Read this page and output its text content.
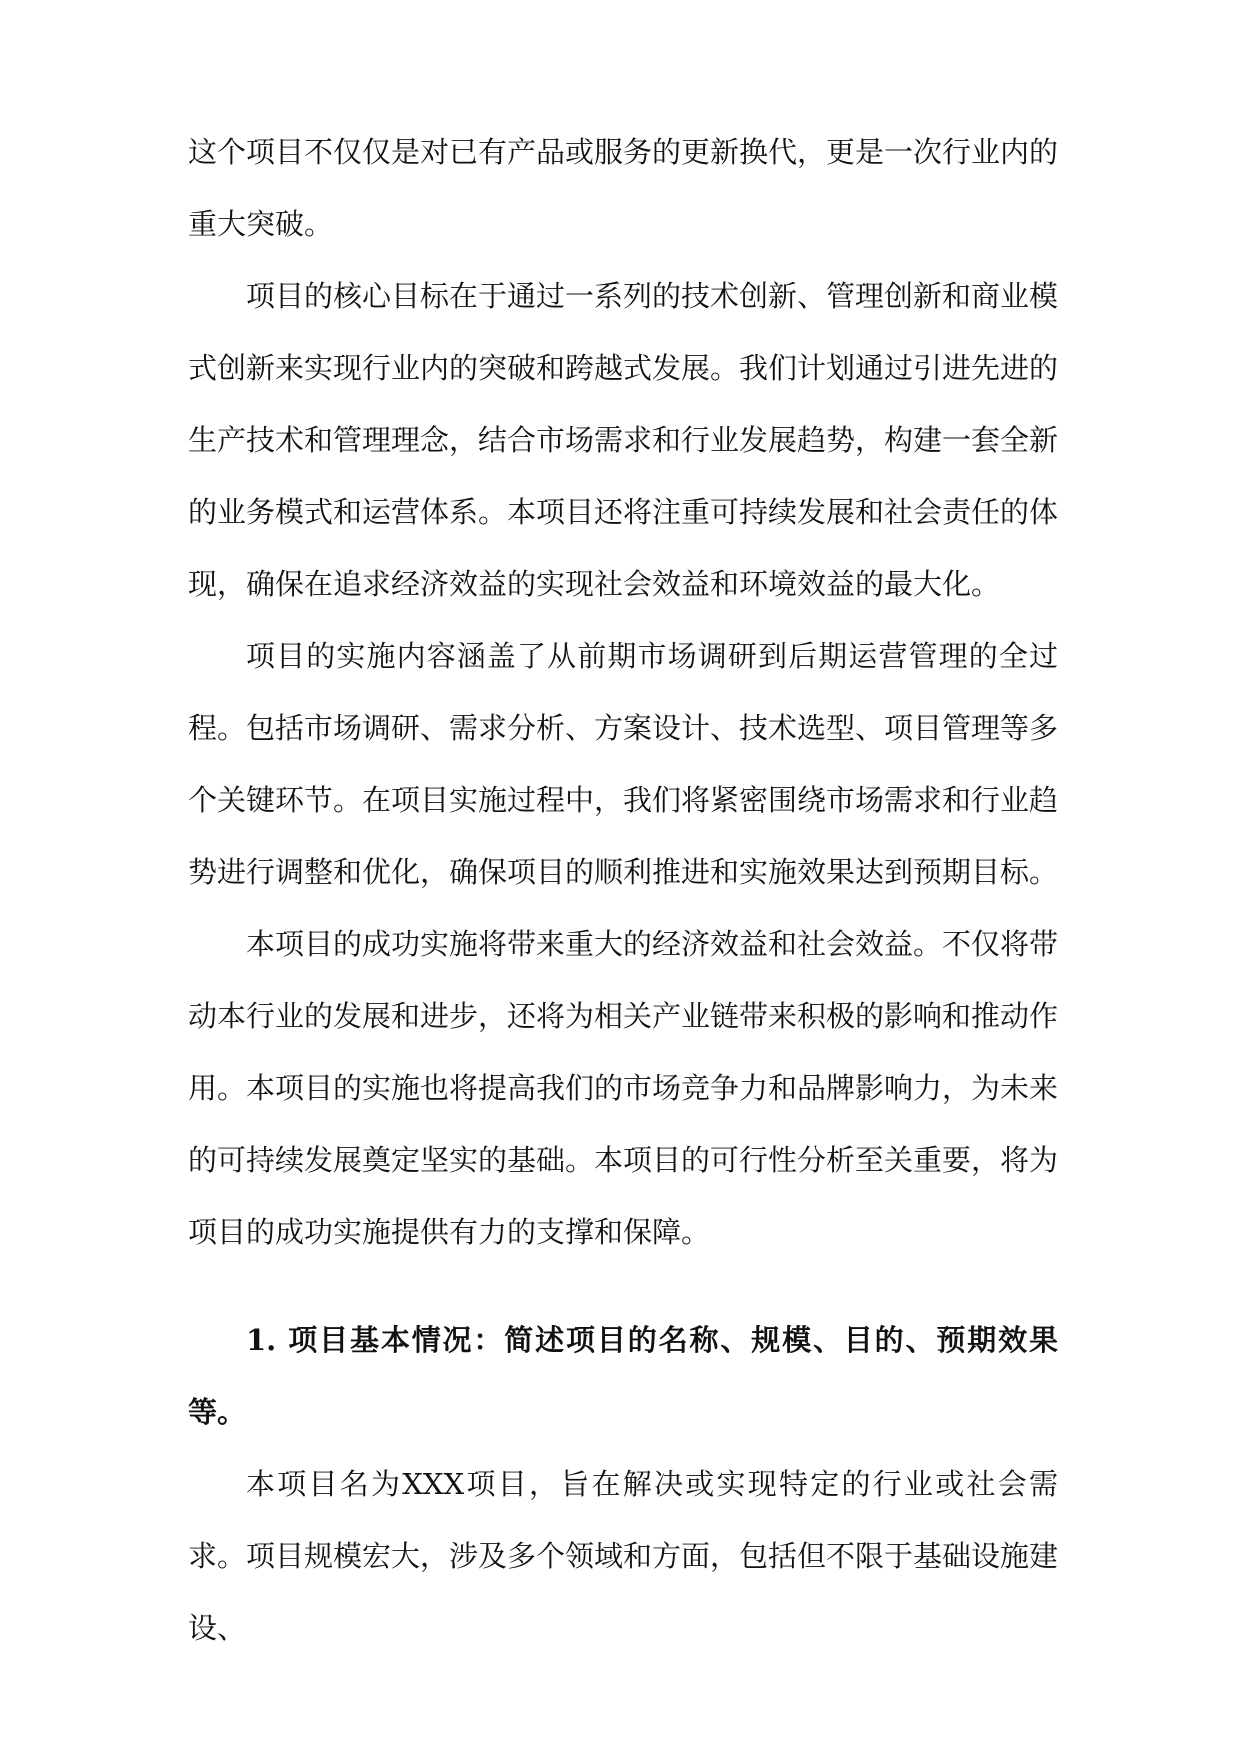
这个项目不仅仅是对已有产品或服务的更新换代，更是一次行业内的重大突破。

项目的核心目标在于通过一系列的技术创新、管理创新和商业模式创新来实现行业内的突破和跨越式发展。我们计划通过引进先进的生产技术和管理理念，结合市场需求和行业发展趋势，构建一套全新的业务模式和运营体系。本项目还将注重可持续发展和社会责任的体现，确保在追求经济效益的实现社会效益和环境效益的最大化。

项目的实施内容涵盖了从前期市场调研到后期运营管理的全过程。包括市场调研、需求分析、方案设计、技术选型、项目管理等多个关键环节。在项目实施过程中，我们将紧密围绕市场需求和行业趋势进行调整和优化，确保项目的顺利推进和实施效果达到预期目标。

本项目的成功实施将带来重大的经济效益和社会效益。不仅将带动本行业的发展和进步，还将为相关产业链带来积极的影响和推动作用。本项目的实施也将提高我们的市场竞争力和品牌影响力，为未来的可持续发展奠定坚实的基础。本项目的可行性分析至关重要，将为项目的成功实施提供有力的支撑和保障。

1. 项目基本情况：简述项目的名称、规模、目的、预期效果等。

本项目名为XXX项目，旨在解决或实现特定的行业或社会需求。项目规模宏大，涉及多个领域和方面，包括但不限于基础设施建设、
